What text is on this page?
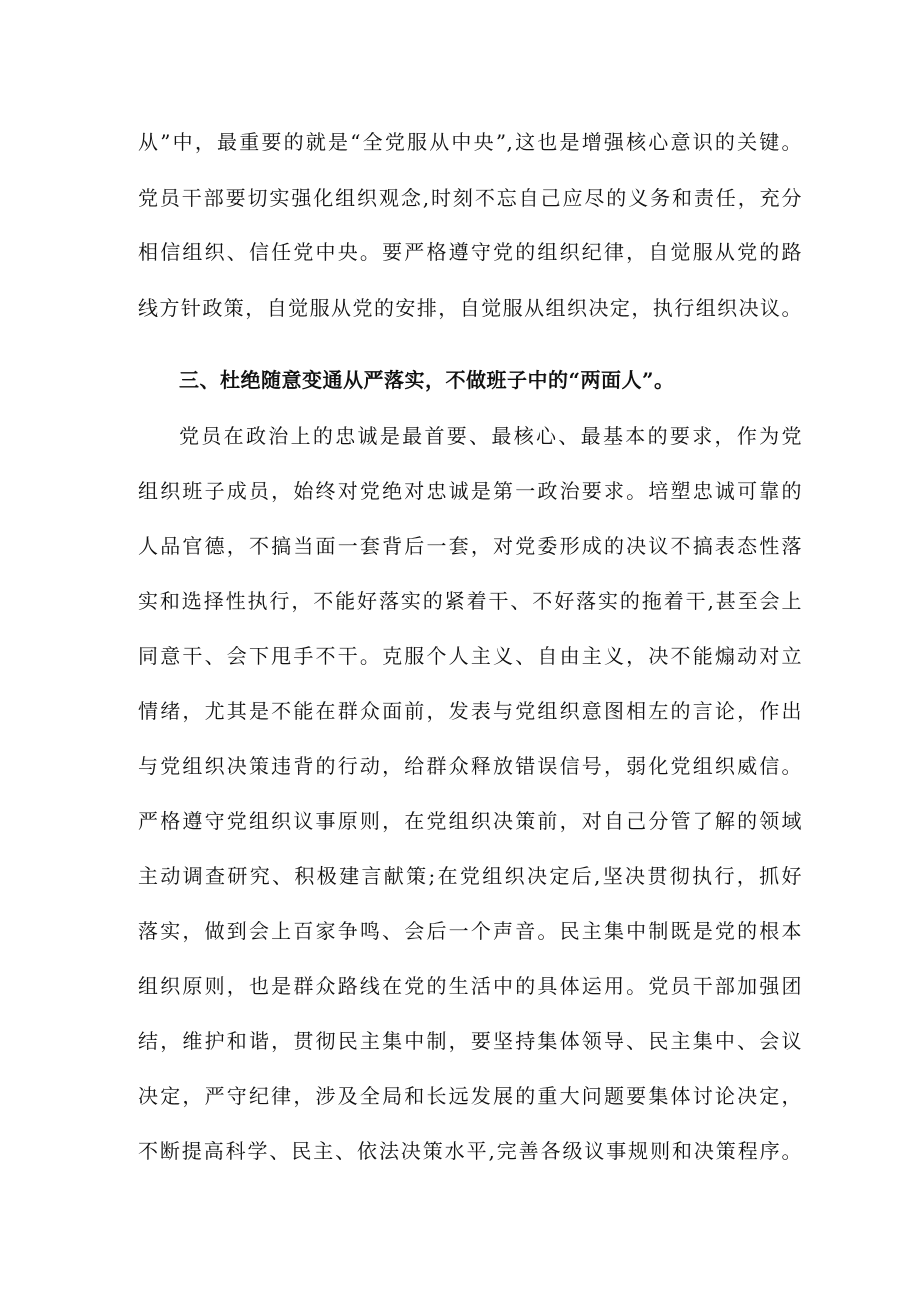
从”中，最重要的就是“全党服从中央”,这也是增强核心意识的关键。
党员干部要切实强化组织观念,时刻不忘自己应尽的义务和责任，充分
相信组织、信任党中央。要严格遵守党的组织纪律，自觉服从党的路
线方针政策，自觉服从党的安排，自觉服从组织决定，执行组织决议。
三、杜绝随意变通从严落实，不做班子中的“两面人”。
党员在政治上的忠诚是最首要、最核心、最基本的要求，作为党
组织班子成员，始终对党绝对忠诚是第一政治要求。培塑忠诚可靠的
人品官德，不搞当面一套背后一套，对党委形成的决议不搞表态性落
实和选择性执行，不能好落实的紧着干、不好落实的拖着干,甚至会上
同意干、会下甩手不干。克服个人主义、自由主义，决不能煽动对立
情绪，尤其是不能在群众面前，发表与党组织意图相左的言论，作出
与党组织决策违背的行动，给群众释放错误信号，弱化党组织威信。
严格遵守党组织议事原则，在党组织决策前，对自己分管了解的领域
主动调查研究、积极建言献策;在党组织决定后,坚决贯彻执行，抓好
落实，做到会上百家争鸣、会后一个声音。民主集中制既是党的根本
组织原则，也是群众路线在党的生活中的具体运用。党员干部加强团
结，维护和谐，贯彻民主集中制，要坚持集体领导、民主集中、会议
决定，严守纪律，涉及全局和长远发展的重大问题要集体讨论决定，
不断提高科学、民主、依法决策水平,完善各级议事规则和决策程序。
